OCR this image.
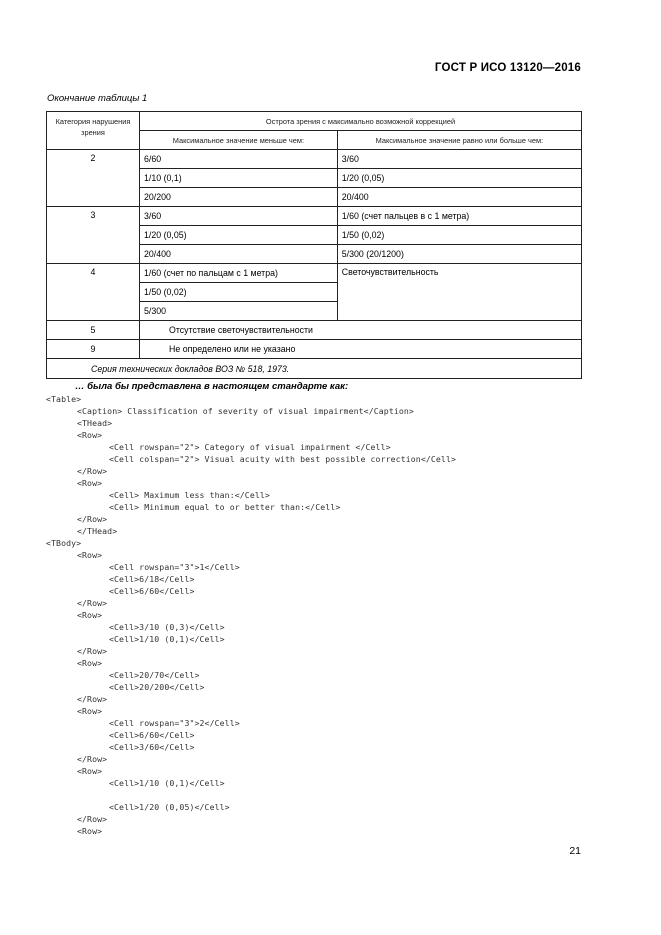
ГОСТ Р ИСО 13120—2016
Окончание таблицы 1
Категория нарушения зрения	Острота зрения с максимально возможной коррекцией	
	Максимальное значение меньше чем:	Максимальное значение равно или больше чем:
2	6/60	3/60
	1/10 (0,1)	1/20 (0,05)
	20/200	20/400
3	3/60	1/60 (счет пальцев в с 1 метра)
	1/20 (0,05)	1/50 (0,02)
	20/400	5/300 (20/1200)
4	1/60 (счет по пальцам с 1 метра)	Светочувствительность
	1/50 (0,02)	
	5/300	
5	Отсутствие светочувствительности	
9	Не определено или не указано	
Серия технических докладов ВОЗ № 518, 1973.		
… была бы представлена в настоящем стандарте как:
<Table>
<Caption> Classification of severity of visual impairment</Caption>
<THead>
<Row>
<Cell rowspan="2"> Category of visual impairment </Cell>
<Cell colspan="2"> Visual acuity with best possible correction</Cell>
</Row>
<Row>
<Cell> Maximum less than:</Cell>
<Cell> Minimum equal to or better than:</Cell>
</Row>
</THead>
<TBody>
<Row>
<Cell rowspan="3">1</Cell>
<Cell>6/18</Cell>
<Cell>6/60</Cell>
</Row>
<Row>
<Cell>3/10 (0,3)</Cell>
<Cell>1/10 (0,1)</Cell>
</Row>
<Row>
<Cell>20/70</Cell>
<Cell>20/200</Cell>
</Row>
<Row>
<Cell rowspan="3">2</Cell>
<Cell>6/60</Cell>
<Cell>3/60</Cell>
</Row>
<Row>
<Cell>1/10 (0,1)</Cell>
<Cell>1/20 (0,05)</Cell>
</Row>
<Row>
21
